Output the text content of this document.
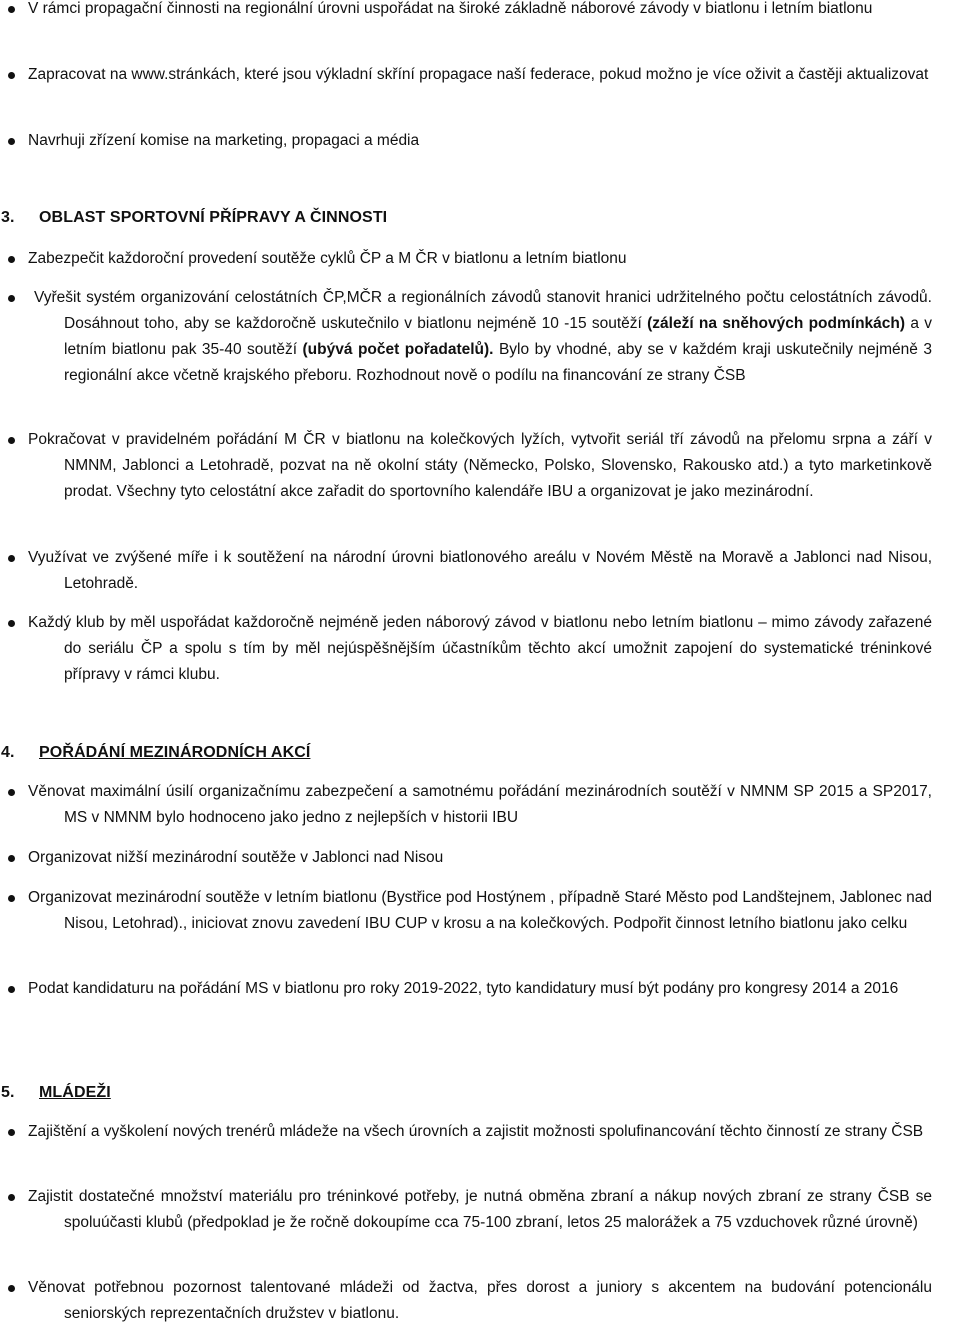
V rámci propagační činnosti na regionální úrovni uspořádat na široké základně náborové závody v biatlonu i letním biatlonu
Zapracovat na www.stránkách, které jsou výkladní skříní propagace naší federace, pokud možno je více oživit a častěji aktualizovat
Navrhuji zřízení komise na marketing, propagaci a média
3. OBLAST SPORTOVNÍ PŘÍPRAVY A ČINNOSTI
Zabezpečit každoroční provedení soutěže cyklů ČP a M ČR v biatlonu a letním biatlonu
Vyřešit systém organizování celostátních ČP,MČR a regionálních závodů stanovit hranici udržitelného počtu celostátních závodů. Dosáhnout toho, aby se každoročně uskutečnilo v biatlonu nejméně 10 -15 soutěží (záleží na sněhových podmínkách) a v letním biatlonu pak 35-40 soutěží (ubývá počet pořadatelů). Bylo by vhodné, aby se v každém kraji uskutečnily nejméně 3 regionální akce včetně krajského přeboru. Rozhodnout nově o podílu na financování ze strany ČSB
Pokračovat v pravidelném pořádání M ČR v biatlonu na kolečkových lyžích, vytvořit seriál tří závodů na přelomu srpna a září v NMNM, Jablonci a Letohradě, pozvat na ně okolní státy (Německo, Polsko, Slovensko, Rakousko atd.) a tyto marketinkově prodat. Všechny tyto celostátní akce zařadit do sportovního kalendáře IBU a organizovat je jako mezinárodní.
Využívat ve zvýšené míře i k soutěžení na národní úrovni biatlonového areálu v Novém Městě na Moravě a Jablonci nad Nisou, Letohradě.
Každý klub by měl uspořádat každoročně nejméně jeden náborový závod v biatlonu nebo letním biatlonu – mimo závody zařazené do seriálu ČP a spolu s tím by měl nejúspěšnějším účastníkům těchto akcí umožnit zapojení do systematické tréninkové přípravy v rámci klubu.
4. POŘÁDÁNÍ MEZINÁRODNÍCH AKCÍ
Věnovat maximální úsilí organizačnímu zabezpečení a samotnému pořádání mezinárodních soutěží v NMNM SP 2015 a SP2017, MS v NMNM bylo hodnoceno jako jedno z nejlepších v historii IBU
Organizovat nižší mezinárodní soutěže v Jablonci nad Nisou
Organizovat mezinárodní soutěže v letním biatlonu (Bystřice pod Hostýnem , případně Staré Město pod Landštejnem, Jablonec nad Nisou, Letohrad)., iniciovat znovu zavedení IBU CUP v krosu a na kolečkových. Podpořit činnost letního biatlonu jako celku
Podat kandidaturu na pořádání MS v biatlonu pro roky 2019-2022, tyto kandidatury musí být podány pro kongresy 2014 a 2016
5. MLÁDEŽI
Zajištění a vyškolení nových trenérů mládeže na všech úrovních a zajistit možnosti spolufinancování těchto činností ze strany ČSB
Zajistit dostatečné množství materiálu pro tréninkové potřeby, je nutná obměna zbraní a nákup nových zbraní ze strany ČSB se spoluúčasti klubů (předpoklad je že ročně dokoupíme cca 75-100 zbraní, letos 25 malorážek a 75 vzduchovek různé úrovně)
Věnovat potřebnou pozornost talentované mládeži od žactva, přes dorost a juniory s akcentem na budování potencionálu seniorských reprezentačních družstev v biatlonu.
